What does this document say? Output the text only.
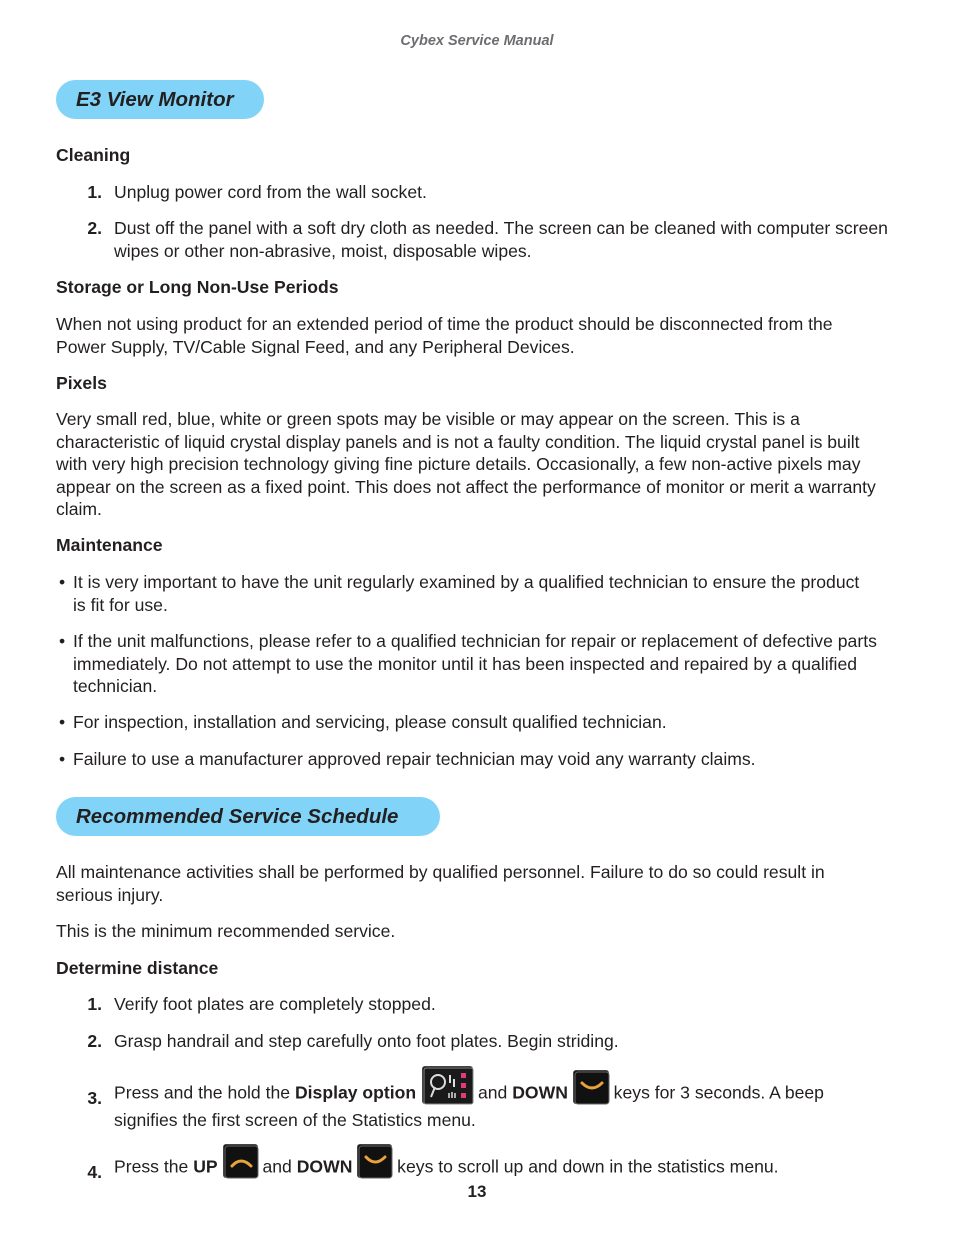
Cybex Service Manual
E3 View Monitor
Cleaning
1. Unplug power cord from the wall socket.
2. Dust off the panel with a soft dry cloth as needed. The screen can be cleaned with computer screen wipes or other non-abrasive, moist, disposable wipes.
Storage or Long Non-Use Periods
When not using product for an extended period of time the product should be disconnected from the Power Supply, TV/Cable Signal Feed, and any Peripheral Devices.
Pixels
Very small red, blue, white or green spots may be visible or may appear on the screen. This is a characteristic of liquid crystal display panels and is not a faulty condition. The liquid crystal panel is built with very high precision technology giving fine picture details. Occasionally, a few non-active pixels may appear on the screen as a fixed point. This does not affect the performance of monitor or merit a warranty claim.
Maintenance
• It is very important to have the unit regularly examined by a qualified technician to ensure the product is fit for use.
• If the unit malfunctions, please refer to a qualified technician for repair or replacement of defective parts immediately. Do not attempt to use the monitor until it has been inspected and repaired by a qualified technician.
• For inspection, installation and servicing, please consult qualified technician.
• Failure to use a manufacturer approved repair technician may void any warranty claims.
Recommended Service Schedule
All maintenance activities shall be performed by qualified personnel. Failure to do so could result in serious injury.
This is the minimum recommended service.
Determine distance
1. Verify foot plates are completely stopped.
2. Grasp handrail and step carefully onto foot plates. Begin striding.
3. Press and the hold the Display option	and DOWN
keys for 3 seconds. A beep
signifies the first screen of the Statistics menu.
4. Press the UP
and DOWN
keys to scroll up and down in the statistics menu.
13
